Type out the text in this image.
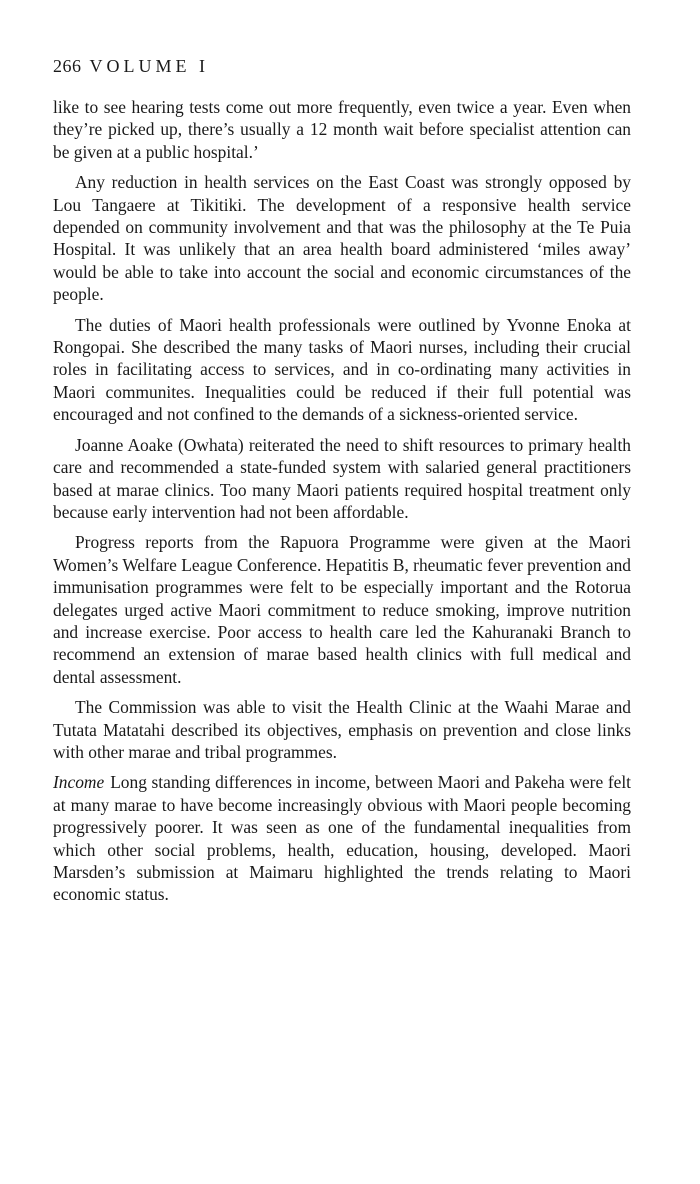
266 VOLUME I

like to see hearing tests come out more frequently, even twice a year. Even when they’re picked up, there’s usually a 12 month wait before specialist attention can be given at a public hospital.’

Any reduction in health services on the East Coast was strongly opposed by Lou Tangaere at Tikitiki. The development of a responsive health service depended on community involvement and that was the philosophy at the Te Puia Hospital. It was unlikely that an area health board administered ‘miles away’ would be able to take into account the social and economic circumstances of the people.

The duties of Maori health professionals were outlined by Yvonne Enoka at Rongopai. She described the many tasks of Maori nurses, including their crucial roles in facilitating access to services, and in co-ordinating many activities in Maori communites. Inequalities could be reduced if their full potential was encouraged and not confined to the demands of a sickness-oriented service.

Joanne Aoake (Owhata) reiterated the need to shift resources to primary health care and recommended a state-funded system with salaried general practitioners based at marae clinics. Too many Maori patients required hospital treatment only because early intervention had not been affordable.

Progress reports from the Rapuora Programme were given at the Maori Women’s Welfare League Conference. Hepatitis B, rheumatic fever prevention and immunisation programmes were felt to be especially important and the Rotorua delegates urged active Maori commitment to reduce smoking, improve nutrition and increase exercise. Poor access to health care led the Kahuranaki Branch to recommend an extension of marae based health clinics with full medical and dental assessment.

The Commission was able to visit the Health Clinic at the Waahi Marae and Tutata Matatahi described its objectives, emphasis on prevention and close links with other marae and tribal programmes.

Income Long standing differences in income, between Maori and Pakeha were felt at many marae to have become increasingly obvious with Maori people becoming progressively poorer. It was seen as one of the fundamental inequalities from which other social problems, health, education, housing, developed. Maori Marsden’s submission at Maimaru highlighted the trends relating to Maori economic status.
